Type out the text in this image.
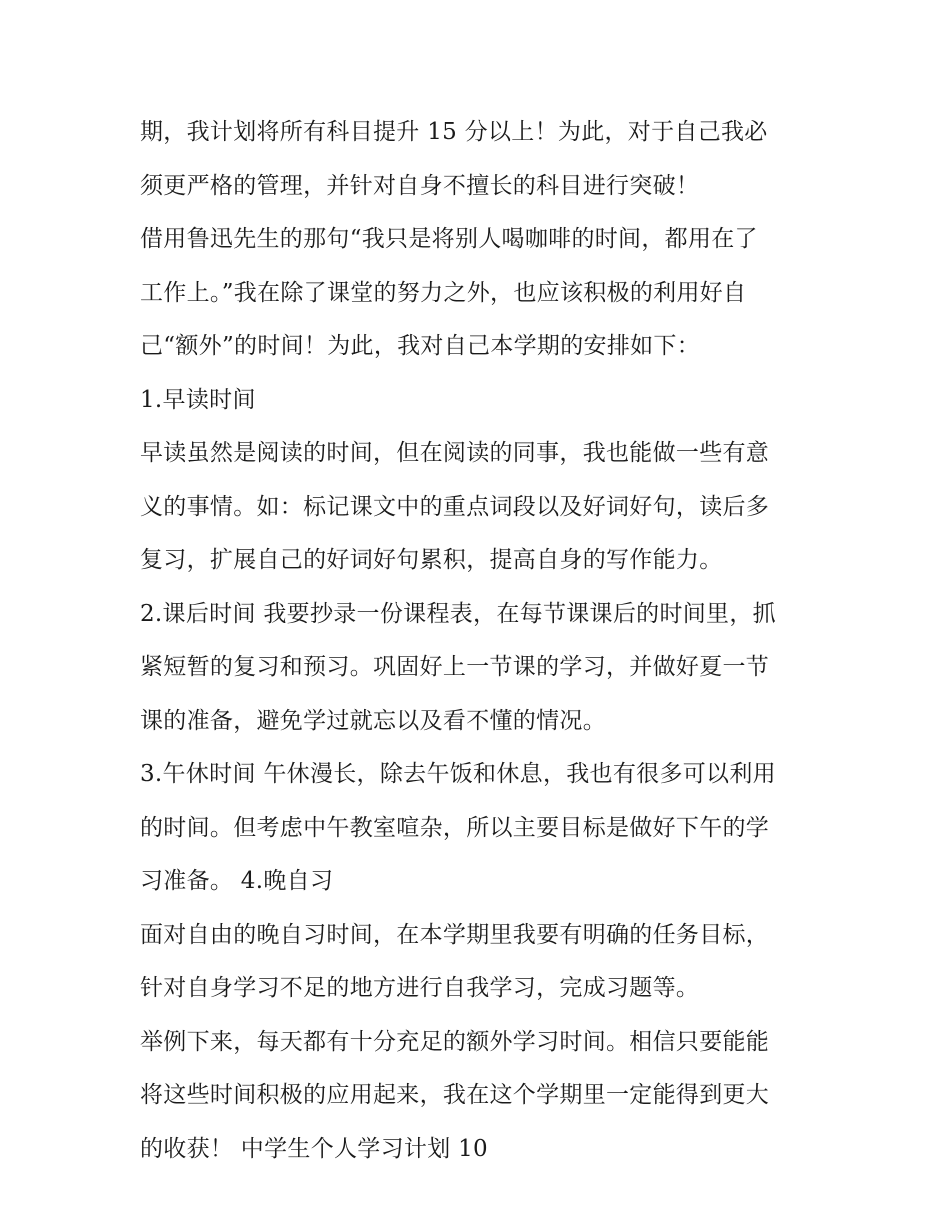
期，我计划将所有科目提升 15 分以上！为此，对于自己我必
须更严格的管理，并针对自身不擅长的科目进行突破！
借用鲁迅先生的那句“我只是将别人喝咖啡的时间，都用在了
工作上。”我在除了课堂的努力之外，也应该积极的利用好自
己“额外”的时间！为此，我对自己本学期的安排如下：
1.早读时间
早读虽然是阅读的时间，但在阅读的同事，我也能做一些有意
义的事情。如：标记课文中的重点词段以及好词好句，读后多
复习，扩展自己的好词好句累积，提高自身的写作能力。
2.课后时间 我要抄录一份课程表，在每节课课后的时间里，抓
紧短暂的复习和预习。巩固好上一节课的学习，并做好夏一节
课的准备，避免学过就忘以及看不懂的情况。
3.午休时间 午休漫长，除去午饭和休息，我也有很多可以利用
的时间。但考虑中午教室喧杂，所以主要目标是做好下午的学
习准备。 4.晚自习
面对自由的晚自习时间，在本学期里我要有明确的任务目标，
针对自身学习不足的地方进行自我学习，完成习题等。
举例下来，每天都有十分充足的额外学习时间。相信只要能能
将这些时间积极的应用起来，我在这个学期里一定能得到更大
的收获！ 中学生个人学习计划 10
